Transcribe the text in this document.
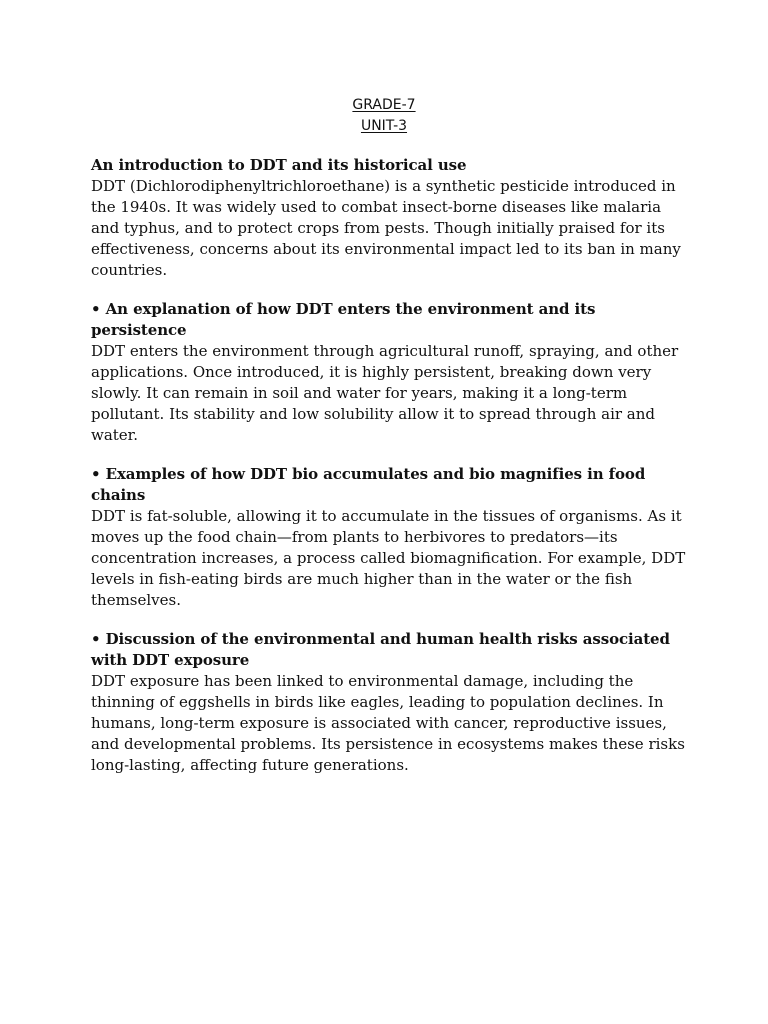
GRADE-7
UNIT-3
An introduction to DDT and its historical use
DDT (Dichlorodiphenyltrichloroethane) is a synthetic pesticide introduced in the 1940s. It was widely used to combat insect-borne diseases like malaria and typhus, and to protect crops from pests. Though initially praised for its effectiveness, concerns about its environmental impact led to its ban in many countries.
• An explanation of how DDT enters the environment and its persistence
DDT enters the environment through agricultural runoff, spraying, and other applications. Once introduced, it is highly persistent, breaking down very slowly. It can remain in soil and water for years, making it a long-term pollutant. Its stability and low solubility allow it to spread through air and water.
• Examples of how DDT bio accumulates and bio magnifies in food chains
DDT is fat-soluble, allowing it to accumulate in the tissues of organisms. As it moves up the food chain—from plants to herbivores to predators—its concentration increases, a process called biomagnification. For example, DDT levels in fish-eating birds are much higher than in the water or the fish themselves.
• Discussion of the environmental and human health risks associated with DDT exposure
DDT exposure has been linked to environmental damage, including the thinning of eggshells in birds like eagles, leading to population declines. In humans, long-term exposure is associated with cancer, reproductive issues, and developmental problems. Its persistence in ecosystems makes these risks long-lasting, affecting future generations.
